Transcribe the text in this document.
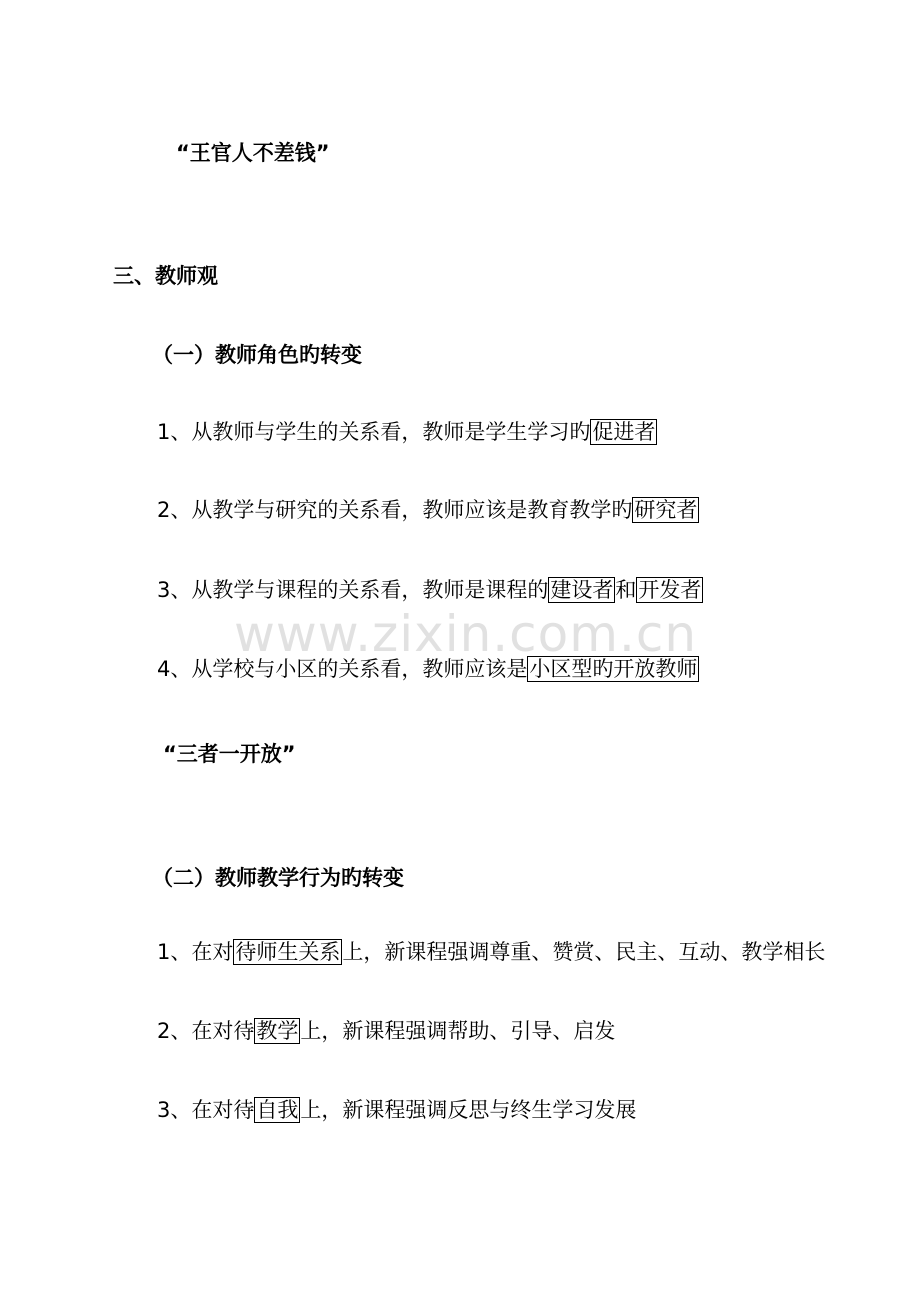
“王官人不差钱”
三、教师观
（一）教师角色旳转变
1、从教师与学生的关系看，教师是学生学习旳促进者
2、从教学与研究的关系看，教师应该是教育教学旳研究者
3、从教学与课程的关系看，教师是课程的建设者和开发者
www.zixin.com.cn
4、从学校与小区的关系看，教师应该是小区型旳开放教师
“三者一开放”
（二）教师教学行为旳转变
1、在对待师生关系上，新课程强调尊重、赞赏、民主、互动、教学相长
2、在对待教学上，新课程强调帮助、引导、启发
3、在对待自我上，新课程强调反思与终生学习发展
